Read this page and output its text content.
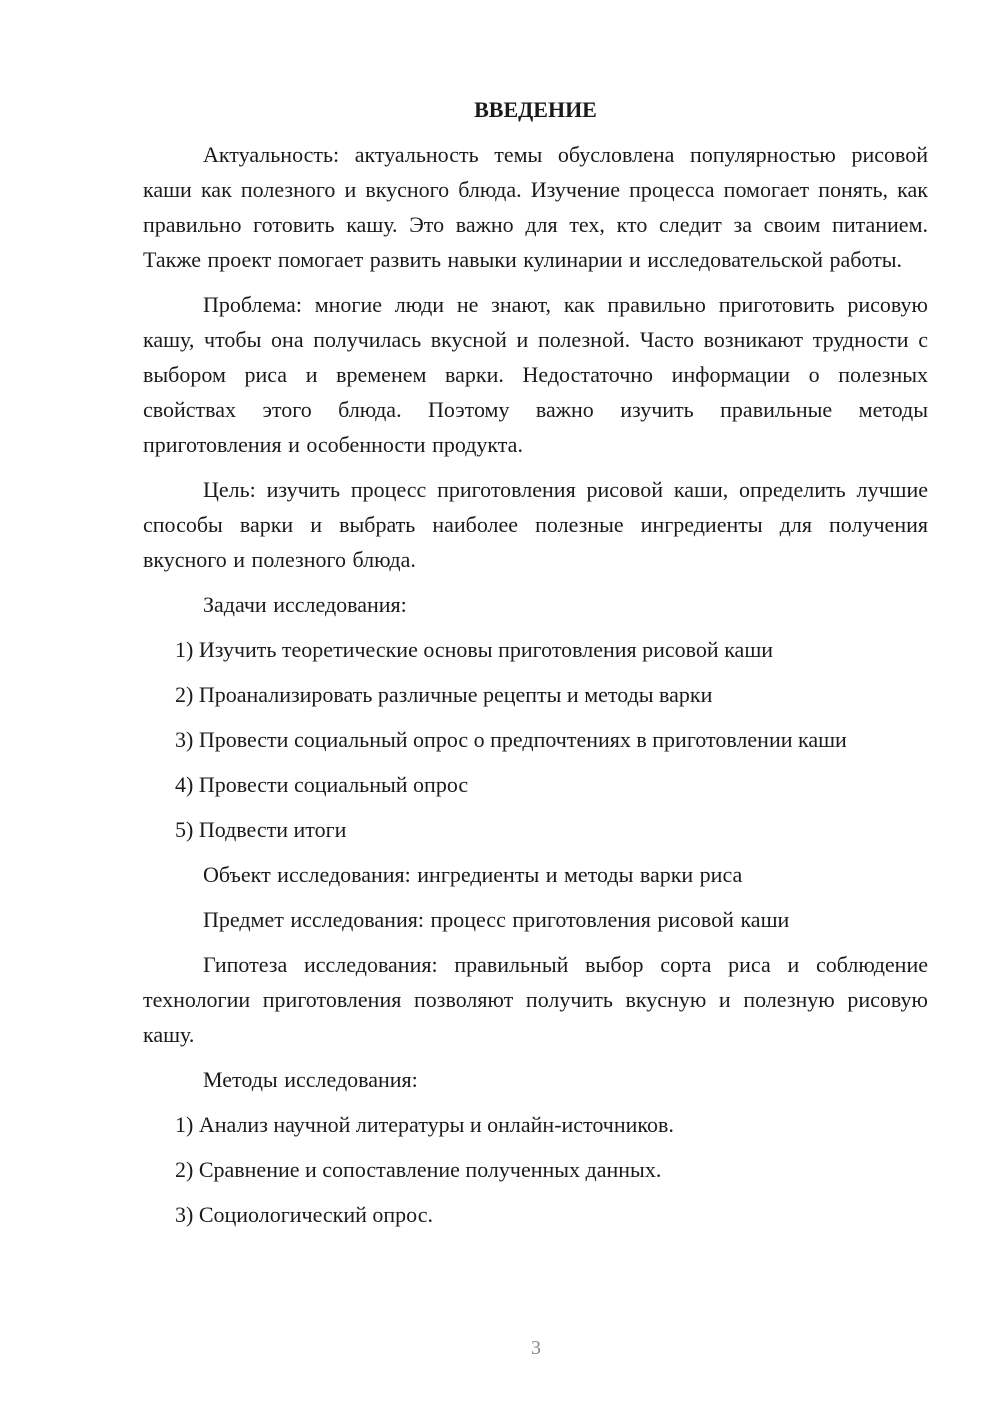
ВВЕДЕНИЕ

Актуальность: актуальность темы обусловлена популярностью рисовой каши как полезного и вкусного блюда. Изучение процесса помогает понять, как правильно готовить кашу. Это важно для тех, кто следит за своим питанием. Также проект помогает развить навыки кулинарии и исследовательской работы.

Проблема: многие люди не знают, как правильно приготовить рисовую кашу, чтобы она получилась вкусной и полезной. Часто возникают трудности с выбором риса и временем варки. Недостаточно информации о полезных свойствах этого блюда. Поэтому важно изучить правильные методы приготовления и особенности продукта.

Цель: изучить процесс приготовления рисовой каши, определить лучшие способы варки и выбрать наиболее полезные ингредиенты для получения вкусного и полезного блюда.

Задачи исследования:

1) Изучить теоретические основы приготовления рисовой каши

2) Проанализировать различные рецепты и методы варки

3) Провести социальный опрос о предпочтениях в приготовлении каши

4) Провести социальный опрос

5) Подвести итоги

Объект исследования: ингредиенты и методы варки риса

Предмет исследования: процесс приготовления рисовой каши

Гипотеза исследования: правильный выбор сорта риса и соблюдение технологии приготовления позволяют получить вкусную и полезную рисовую кашу.

Методы исследования:

1) Анализ научной литературы и онлайн-источников.

2) Сравнение и сопоставление полученных данных.

3) Социологический опрос.

3
